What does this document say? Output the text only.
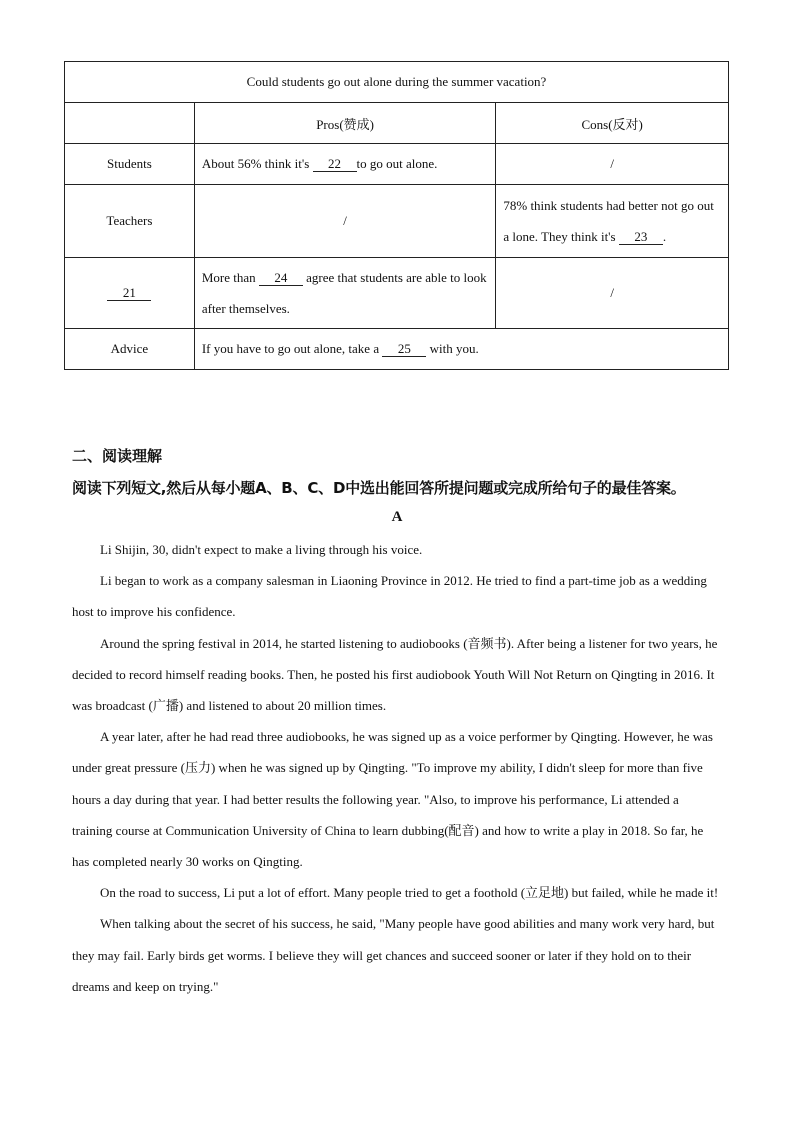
Could students go out alone during the summer vacation?		
	Pros(赞成)	Cons(反对)
Students	About 56% think it's 22 to go out alone.	/
Teachers	/	78% think students had better not go out a lone. They think it's 23 .
21	More than 24 agree that students are able to look after themselves.	/
Advice	If you have to go out alone, take a 25 with you.	
二、阅读理解
阅读下列短文,然后从每小题A、B、C、D中选出能回答所提问题或完成所给句子的最佳答案。
A

Li Shijin, 30, didn't expect to make a living through his voice.

Li began to work as a company salesman in Liaoning Province in 2012. He tried to find a part-time job as a wedding host to improve his confidence.

Around the spring festival in 2014, he started listening to audiobooks (音频书). After being a listener for two years, he decided to record himself reading books. Then, he posted his first audiobook Youth Will Not Return on Qingting in 2016. It was broadcast (广播) and listened to about 20 million times.

A year later, after he had read three audiobooks, he was signed up as a voice performer by Qingting. However, he was under great pressure (压力) when he was signed up by Qingting. "To improve my ability, I didn't sleep for more than five hours a day during that year. I had better results the following year. "Also, to improve his performance, Li attended a training course at Communication University of China to learn dubbing(配音) and how to write a play in 2018. So far, he has completed nearly 30 works on Qingting.

On the road to success, Li put a lot of effort. Many people tried to get a foothold (立足地) but failed, while he made it!

When talking about the secret of his success, he said, "Many people have good abilities and many work very hard, but they may fail. Early birds get worms. I believe they will get chances and succeed sooner or later if they hold on to their dreams and keep on trying."
